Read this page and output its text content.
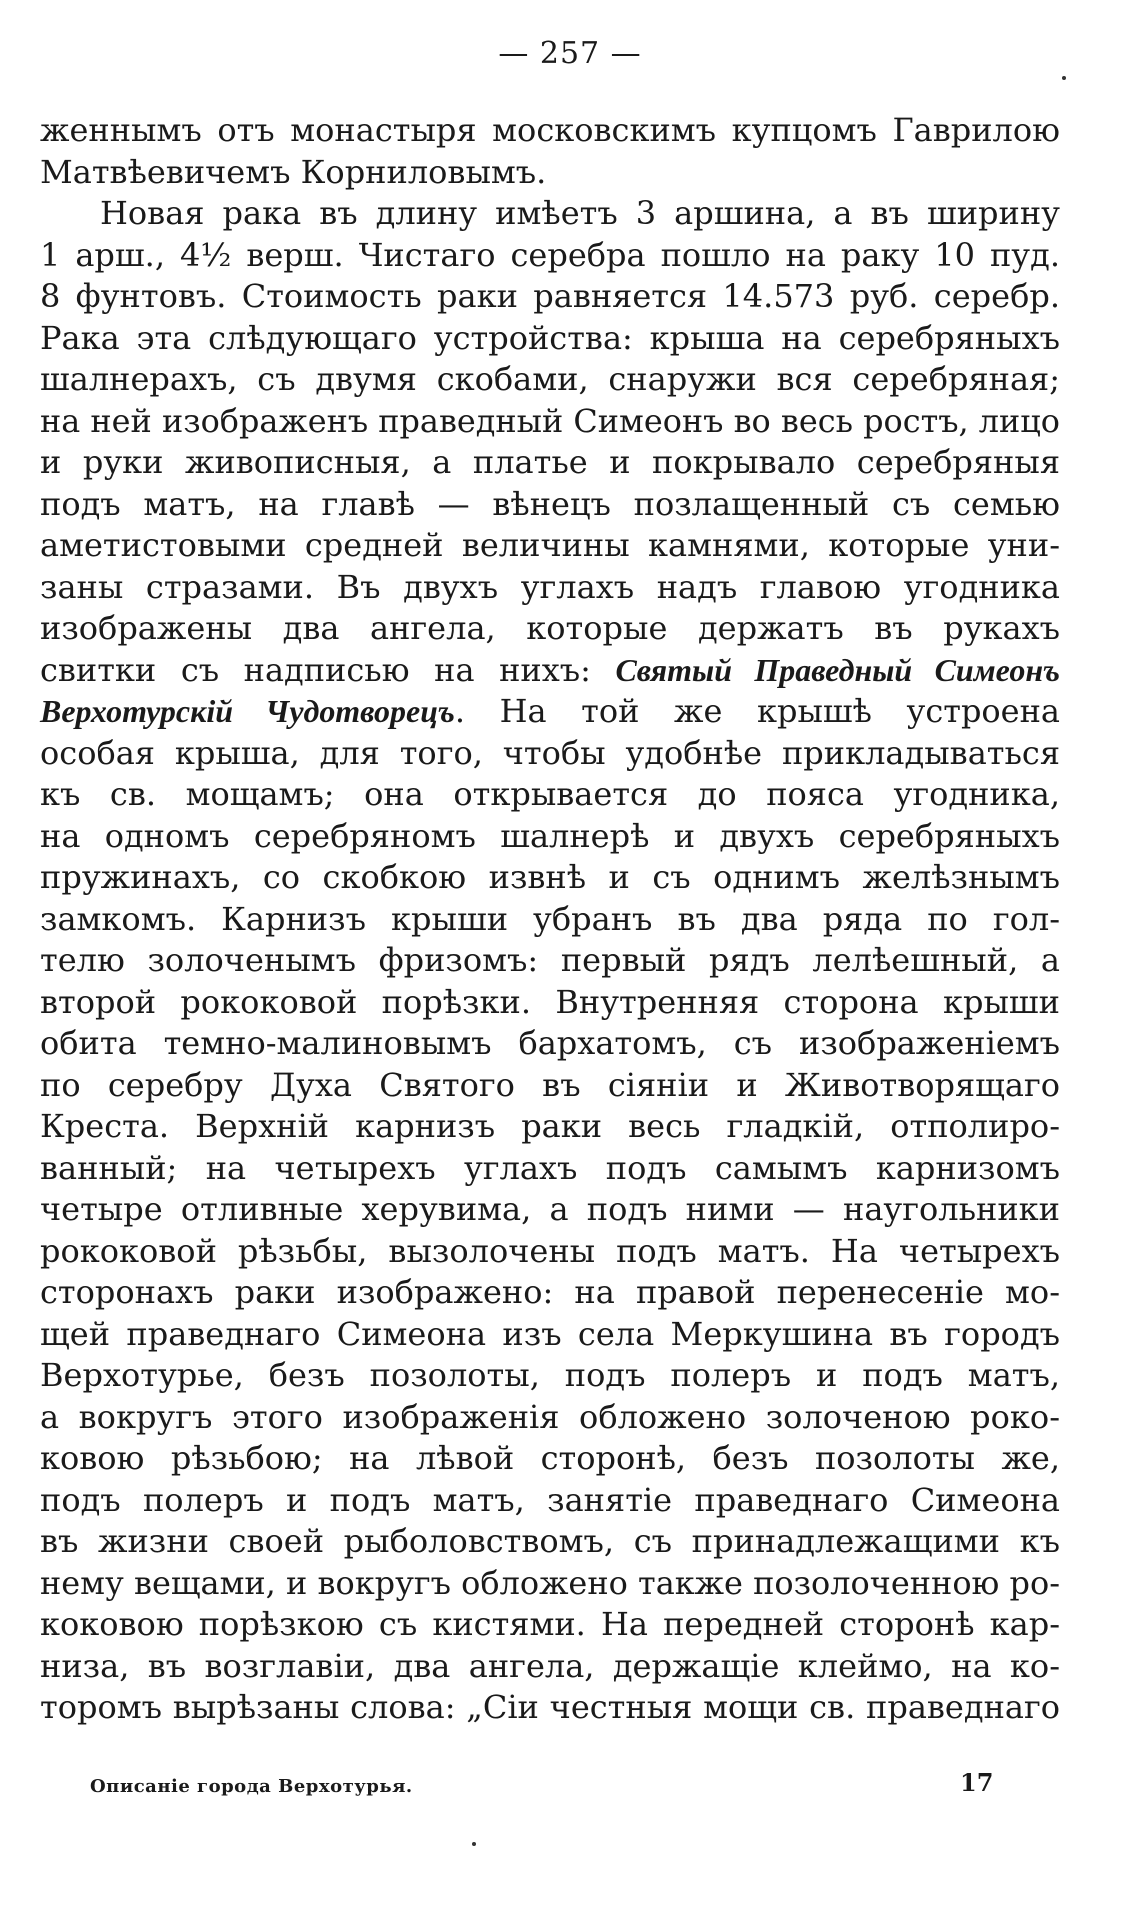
— 257 —
женнымъ отъ монастыря московскимъ купцомъ Гаврилою
Матвѣевичемъ Корниловымъ.
Новая рака въ длину имѣетъ 3 аршина, а въ ширину
1 арш., 4½ верш. Чистаго серебра пошло на раку 10 пуд.
8 фунтовъ. Стоимость раки равняется 14.573 руб. серебр.
Рака эта слѣдующаго устройства: крыша на серебряныхъ
шалнерахъ, съ двумя скобами, снаружи вся серебряная;
на ней изображенъ праведный Симеонъ во весь ростъ, лицо
и руки живописныя, а платье и покрывало серебряныя
подъ матъ, на главѣ — вѣнецъ позлащенный съ семью
аметистовыми средней величины камнями, которые уни-
заны стразами. Въ двухъ углахъ надъ главою угодника
изображены два ангела, которые держатъ въ рукахъ
свитки съ надписью на нихъ: Святый Праведный Симеонъ
Верхотурскій Чудотворецъ. На той же крышѣ устроена
особая крыша, для того, чтобы удобнѣе прикладываться
къ св. мощамъ; она открывается до пояса угодника,
на одномъ серебряномъ шалнерѣ и двухъ серебряныхъ
пружинахъ, со скобкою извнѣ и съ однимъ желѣзнымъ
замкомъ. Карнизъ крыши убранъ въ два ряда по гол-
телю золоченымъ фризомъ: первый рядъ лелѣешный, а
второй рококовой порѣзки. Внутренняя сторона крыши
обита темно-малиновымъ бархатомъ, съ изображеніемъ
по серебру Духа Святого въ сіяніи и Животворящаго
Креста. Верхній карнизъ раки весь гладкій, отполиро-
ванный; на четырехъ углахъ подъ самымъ карнизомъ
четыре отливные херувима, а подъ ними — наугольники
рококовой рѣзьбы, вызолочены подъ матъ. На четырехъ
сторонахъ раки изображено: на правой перенесеніе мо-
щей праведнаго Симеона изъ села Меркушина въ городъ
Верхотурье, безъ позолоты, подъ полеръ и подъ матъ,
а вокругъ этого изображенія обложено золоченою роко-
ковою рѣзьбою; на лѣвой сторонѣ, безъ позолоты же,
подъ полеръ и подъ матъ, занятіе праведнаго Симеона
въ жизни своей рыболовствомъ, съ принадлежащими къ
нему вещами, и вокругъ обложено также позолоченною ро-
коковою порѣзкою съ кистями. На передней сторонѣ кар-
низа, въ возглавіи, два ангела, держащіе клеймо, на ко-
торомъ вырѣзаны слова: „Сіи честныя мощи св. праведнаго
Описаніе города Верхотурья.	17
